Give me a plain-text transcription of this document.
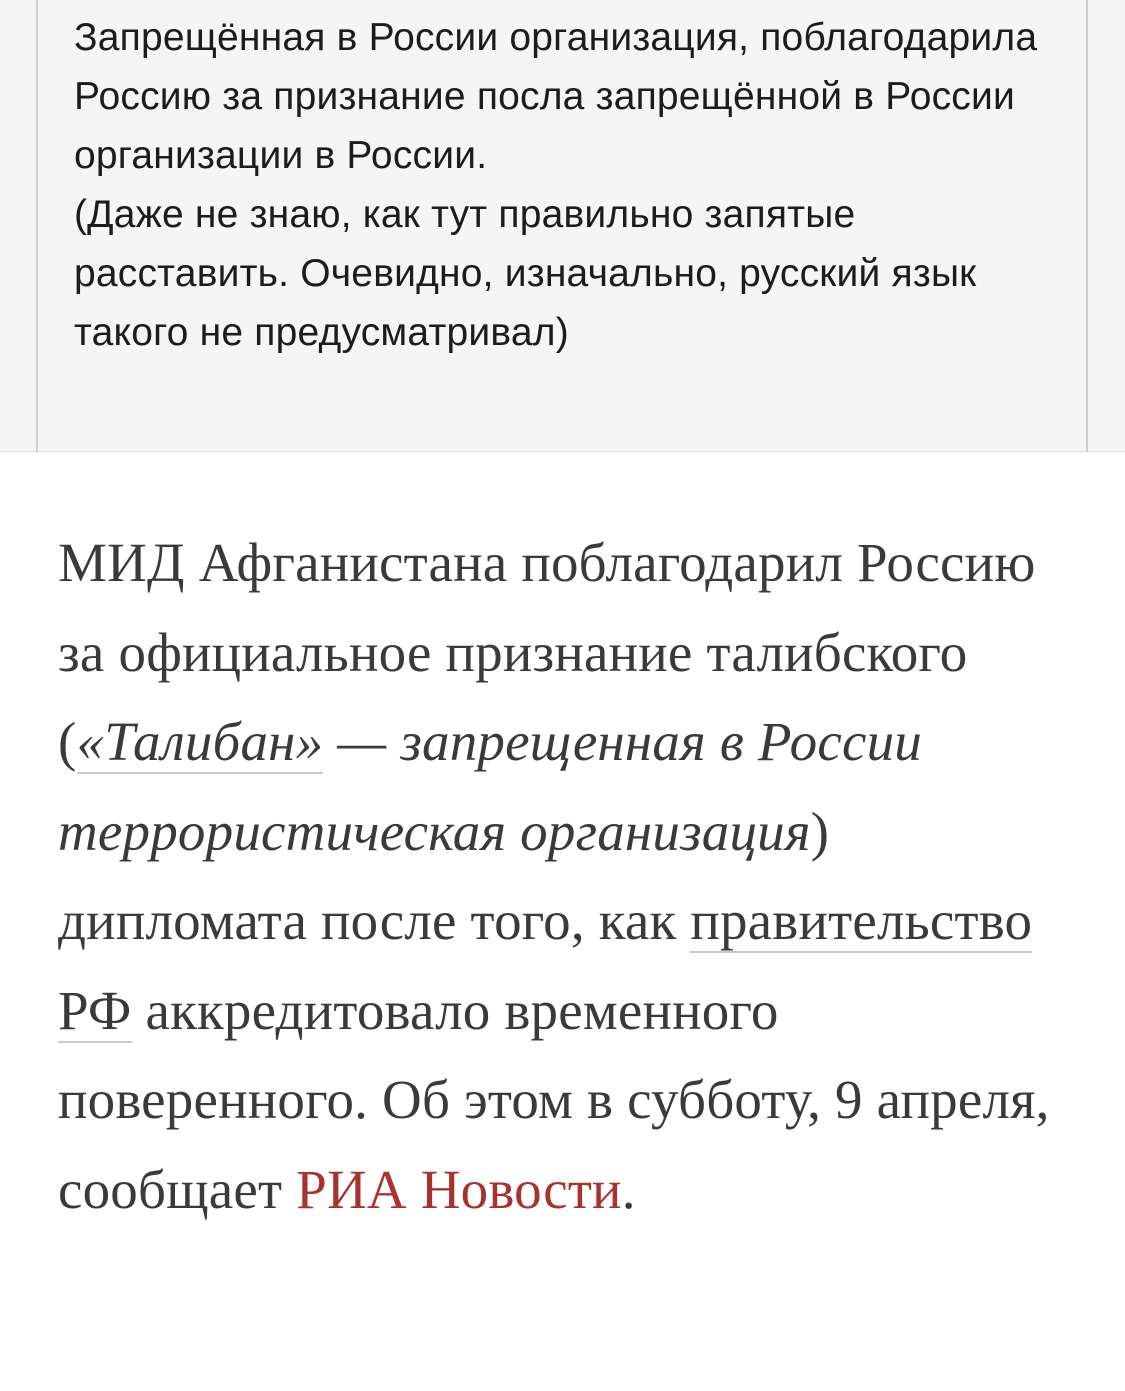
Запрещённая в России организация, поблагодарила Россию за признание посла запрещённой в России организации в России.

(Даже не знаю, как тут правильно запятые расставить. Очевидно, изначально, русский язык такого не предусматривал)

МИД Афганистана поблагодарил Россию за официальное признание талибского («Талибан» — запрещенная в России террористическая организация) дипломата после того, как правительство РФ аккредитовало временного поверенного. Об этом в субботу, 9 апреля, сообщает РИА Новости.
